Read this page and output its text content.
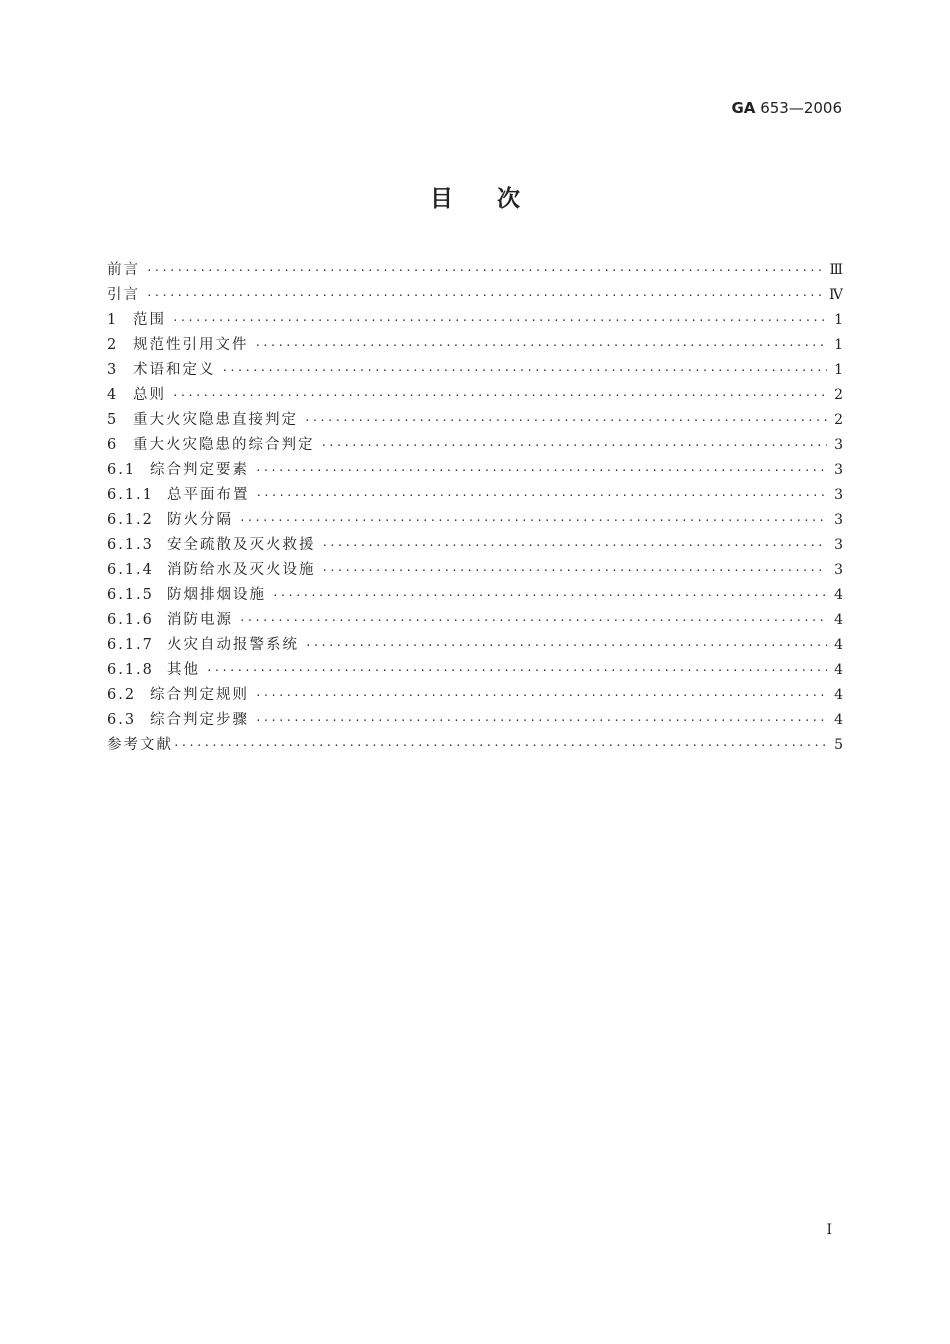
GA 653—2006
目次
前言 ·····	Ⅲ
引言 ·····	Ⅳ
1	范围 ·····	1
2	规范性引用文件 ·····	1
3	术语和定义 ·····	1
4	总则 ·····	2
5	重大火灾隐患直接判定 ·····	2
6	重大火灾隐患的综合判定 ·····	3
6.1 综合判定要素 ·····	3
6.1.1 总平面布置 ·····	3
6.1.2 防火分隔 ·····	3
6.1.3 安全疏散及灭火救援 ·····	3
6.1.4 消防给水及灭火设施 ·····	3
6.1.5 防烟排烟设施 ·····	4
6.1.6 消防电源 ·····	4
6.1.7 火灾自动报警系统 ·····	4
6.1.8 其他 ·····	4
6.2 综合判定规则 ·····	4
6.3 综合判定步骤 ·····	4
参考文献 ·····	5
I
